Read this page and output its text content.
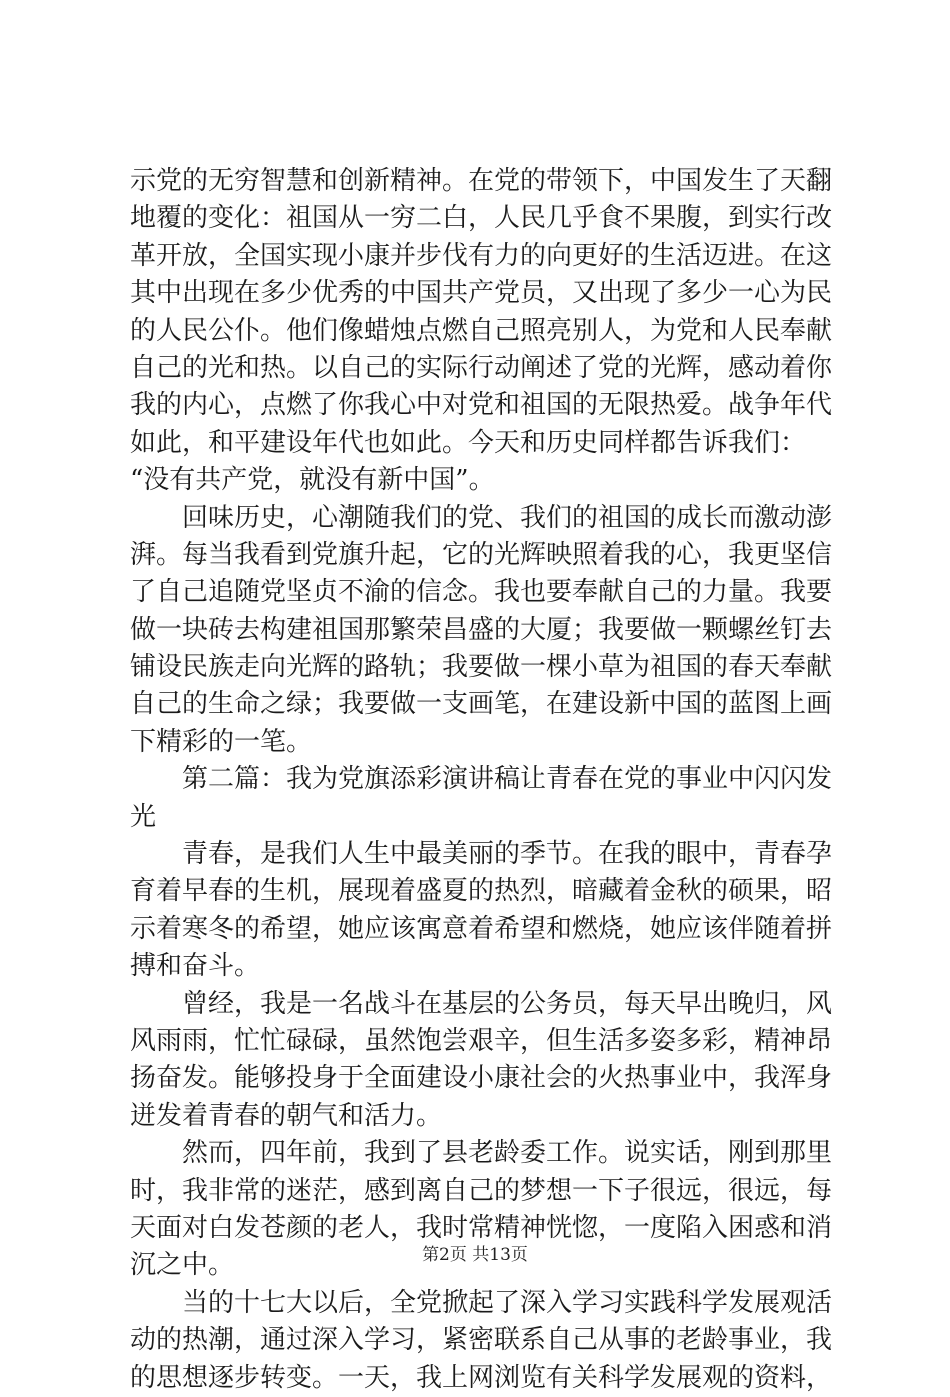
示党的无穷智慧和创新精神。在党的带领下，中国发生了天翻
地覆的变化：祖国从一穷二白，人民几乎食不果腹，到实行改
革开放，全国实现小康并步伐有力的向更好的生活迈进。在这
其中出现在多少优秀的中国共产党员，又出现了多少一心为民
的人民公仆。他们像蜡烛点燃自己照亮别人，为党和人民奉献
自己的光和热。以自己的实际行动阐述了党的光辉，感动着你
我的内心，点燃了你我心中对党和祖国的无限热爱。战争年代
如此，和平建设年代也如此。今天和历史同样都告诉我们：
“没有共产党，就没有新中国”。
回味历史，心潮随我们的党、我们的祖国的成长而激动澎
湃。每当我看到党旗升起，它的光辉映照着我的心，我更坚信
了自己追随党坚贞不渝的信念。我也要奉献自己的力量。我要
做一块砖去构建祖国那繁荣昌盛的大厦；我要做一颗螺丝钉去
铺设民族走向光辉的路轨；我要做一棵小草为祖国的春天奉献
自己的生命之绿；我要做一支画笔，在建设新中国的蓝图上画
下精彩的一笔。
第二篇：我为党旗添彩演讲稿让青春在党的事业中闪闪发
光
青春，是我们人生中最美丽的季节。在我的眼中，青春孕
育着早春的生机，展现着盛夏的热烈，暗藏着金秋的硕果，昭
示着寒冬的希望，她应该寓意着希望和燃烧，她应该伴随着拼
搏和奋斗。
曾经，我是一名战斗在基层的公务员，每天早出晚归，风
风雨雨，忙忙碌碌，虽然饱尝艰辛，但生活多姿多彩，精神昂
扬奋发。能够投身于全面建设小康社会的火热事业中，我浑身
迸发着青春的朝气和活力。
然而，四年前，我到了县老龄委工作。说实话，刚到那里
时，我非常的迷茫，感到离自己的梦想一下子很远，很远，每
天面对白发苍颜的老人，我时常精神恍惚，一度陷入困惑和消
沉之中。
当的十七大以后，全党掀起了深入学习实践科学发展观活
动的热潮，通过深入学习，紧密联系自己从事的老龄事业，我
的思想逐步转变。一天，我上网浏览有关科学发展观的资料，
第2页 共13页
